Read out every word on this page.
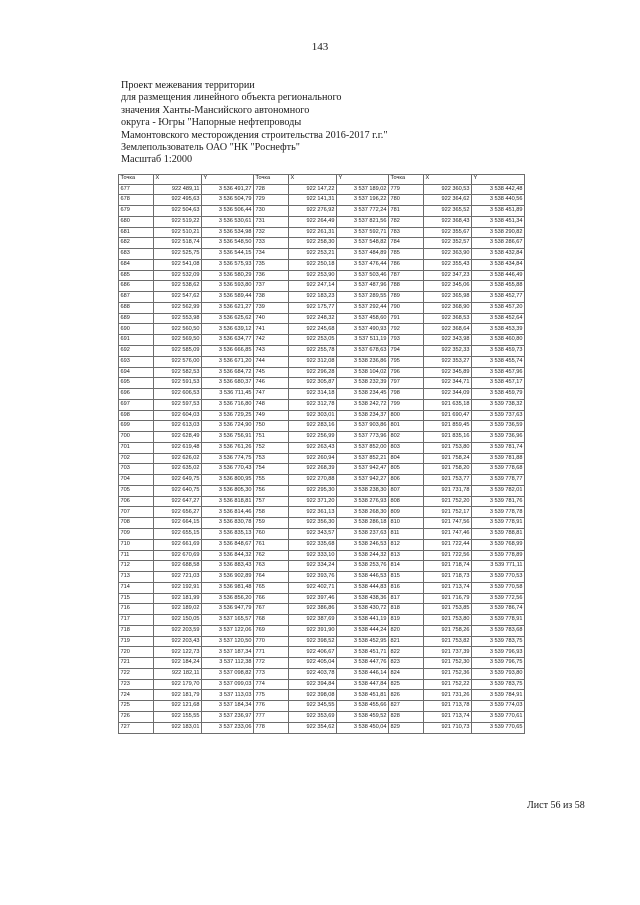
143
Проект межевания территории
для размещения линейного объекта регионального
значения Ханты-Мансийского автономного
округа - Югры "Напорные нефтепроводы
Мамонтовского месторождения строительства 2016-2017 г.г."
Землепользователь ОАО "НК "Роснефть"
Масштаб 1:2000
Точка	X	Y	Точка	X	Y	Точка	X	Y
677	922 489,11	3 536 491,27	728	922 147,22	3 537 189,02	779	922 360,53	3 538 442,48
678	922 495,63	3 536 504,79	729	922 141,31	3 537 196,22	780	922 364,62	3 538 440,56
679	922 504,63	3 536 506,44	730	922 276,92	3 537 772,24	781	922 365,52	3 538 451,89
680	922 519,22	3 536 530,61	731	922 264,49	3 537 821,56	782	922 368,43	3 538 451,34
681	922 510,21	3 536 534,98	732	922 261,31	3 537 592,71	783	922 355,67	3 538 290,82
682	922 518,74	3 536 548,50	733	922 258,30	3 537 548,82	784	922 352,57	3 538 286,67
683	922 525,75	3 536 544,15	734	922 253,21	3 537 484,89	785	922 363,90	3 538 432,84
684	922 541,08	3 536 575,93	735	922 250,18	3 537 476,44	786	922 355,43	3 538 434,84
685	922 532,09	3 536 580,29	736	922 253,90	3 537 503,46	787	922 347,23	3 538 446,49
686	922 538,62	3 536 593,80	737	922 247,14	3 537 487,96	788	922 345,06	3 538 455,88
687	922 547,62	3 536 589,44	738	922 183,23	3 537 289,55	789	922 365,98	3 538 452,77
688	922 562,99	3 536 621,27	739	922 175,77	3 537 292,44	790	922 368,90	3 538 457,20
689	922 553,98	3 536 625,62	740	922 248,32	3 537 458,60	791	922 368,53	3 538 452,64
690	922 560,50	3 536 639,12	741	922 245,68	3 537 490,93	792	922 368,64	3 538 453,39
691	922 569,50	3 536 634,77	742	922 253,05	3 537 511,19	793	922 343,98	3 538 460,80
692	922 585,09	3 536 666,85	743	922 255,78	3 537 678,63	794	922 352,33	3 538 459,73
693	922 576,00	3 536 671,20	744	922 312,08	3 538 236,86	795	922 353,27	3 538 455,74
694	922 582,53	3 536 684,72	745	922 296,28	3 538 104,02	796	922 345,89	3 538 457,96
695	922 591,53	3 536 680,37	746	922 305,87	3 538 232,39	797	922 344,71	3 538 457,17
696	922 606,53	3 536 711,45	747	922 314,18	3 538 234,45	798	922 344,09	3 538 459,79
697	922 597,53	3 536 716,80	748	922 312,78	3 538 242,72	799	921 635,18	3 539 738,32
698	922 604,03	3 536 729,25	749	922 303,01	3 538 234,37	800	921 690,47	3 539 737,63
699	922 613,03	3 536 724,90	750	922 283,16	3 537 903,86	801	921 859,45	3 539 736,59
700	922 628,49	3 536 756,91	751	922 256,99	3 537 773,96	802	921 835,16	3 539 736,96
701	922 619,48	3 536 761,26	752	922 263,43	3 537 852,00	803	921 753,80	3 539 781,74
702	922 626,02	3 536 774,75	753	922 260,94	3 537 852,21	804	921 758,24	3 539 781,88
703	922 635,02	3 536 770,43	754	922 268,39	3 537 942,47	805	921 758,20	3 539 778,68
704	922 649,75	3 536 800,95	755	922 270,88	3 537 942,27	806	921 753,77	3 539 778,77
705	922 640,75	3 536 805,30	756	922 295,30	3 538 238,30	807	921 731,78	3 539 782,01
706	922 647,27	3 536 818,81	757	922 371,20	3 538 276,93	808	921 752,20	3 539 781,76
707	922 656,27	3 536 814,46	758	922 361,13	3 538 268,30	809	921 752,17	3 539 778,78
708	922 664,15	3 536 830,78	759	922 356,30	3 538 286,18	810	921 747,56	3 539 778,91
709	922 655,15	3 536 835,13	760	922 343,57	3 538 237,63	811	921 747,46	3 539 788,81
710	922 661,69	3 536 848,67	761	922 335,68	3 538 246,53	812	921 722,44	3 539 768,99
711	922 670,69	3 536 844,32	762	922 333,10	3 538 244,32	813	921 722,56	3 539 778,89
712	922 688,58	3 536 883,43	763	922 334,24	3 538 253,76	814	921 718,74	3 539 771,11
713	922 721,03	3 536 902,89	764	922 393,76	3 538 446,53	815	921 718,73	3 539 770,53
714	922 192,91	3 536 981,48	765	922 402,71	3 538 444,83	816	921 713,74	3 539 770,58
715	922 181,99	3 536 856,20	766	922 397,46	3 538 438,36	817	921 716,79	3 539 772,56
716	922 189,02	3 536 947,79	767	922 386,86	3 538 430,72	818	921 753,85	3 539 786,74
717	922 150,05	3 537 165,57	768	922 387,69	3 538 441,19	819	921 753,80	3 539 778,91
718	922 203,59	3 537 122,06	769	922 391,90	3 538 444,24	820	921 758,26	3 539 783,68
719	922 203,43	3 537 120,50	770	922 398,52	3 538 452,95	821	921 753,82	3 539 783,75
720	922 122,73	3 537 187,34	771	922 406,67	3 538 451,71	822	921 737,39	3 539 796,93
721	922 184,24	3 537 112,38	772	922 405,04	3 538 447,76	823	921 752,30	3 539 796,75
722	922 182,11	3 537 098,82	773	922 403,78	3 538 446,14	824	921 752,36	3 539 793,80
723	922 179,70	3 537 099,03	774	922 394,84	3 538 447,84	825	921 752,22	3 539 783,75
724	922 181,79	3 537 113,03	775	922 398,08	3 538 451,81	826	921 731,26	3 539 784,91
725	922 121,68	3 537 184,34	776	922 345,55	3 538 455,66	827	921 713,78	3 539 774,03
726	922 155,55	3 537 236,97	777	922 353,69	3 538 459,52	828	921 713,74	3 539 770,61
727	922 183,01	3 537 233,06	778	922 354,62	3 538 450,04	829	921 710,73	3 539 770,65
Лист 56 из 58
